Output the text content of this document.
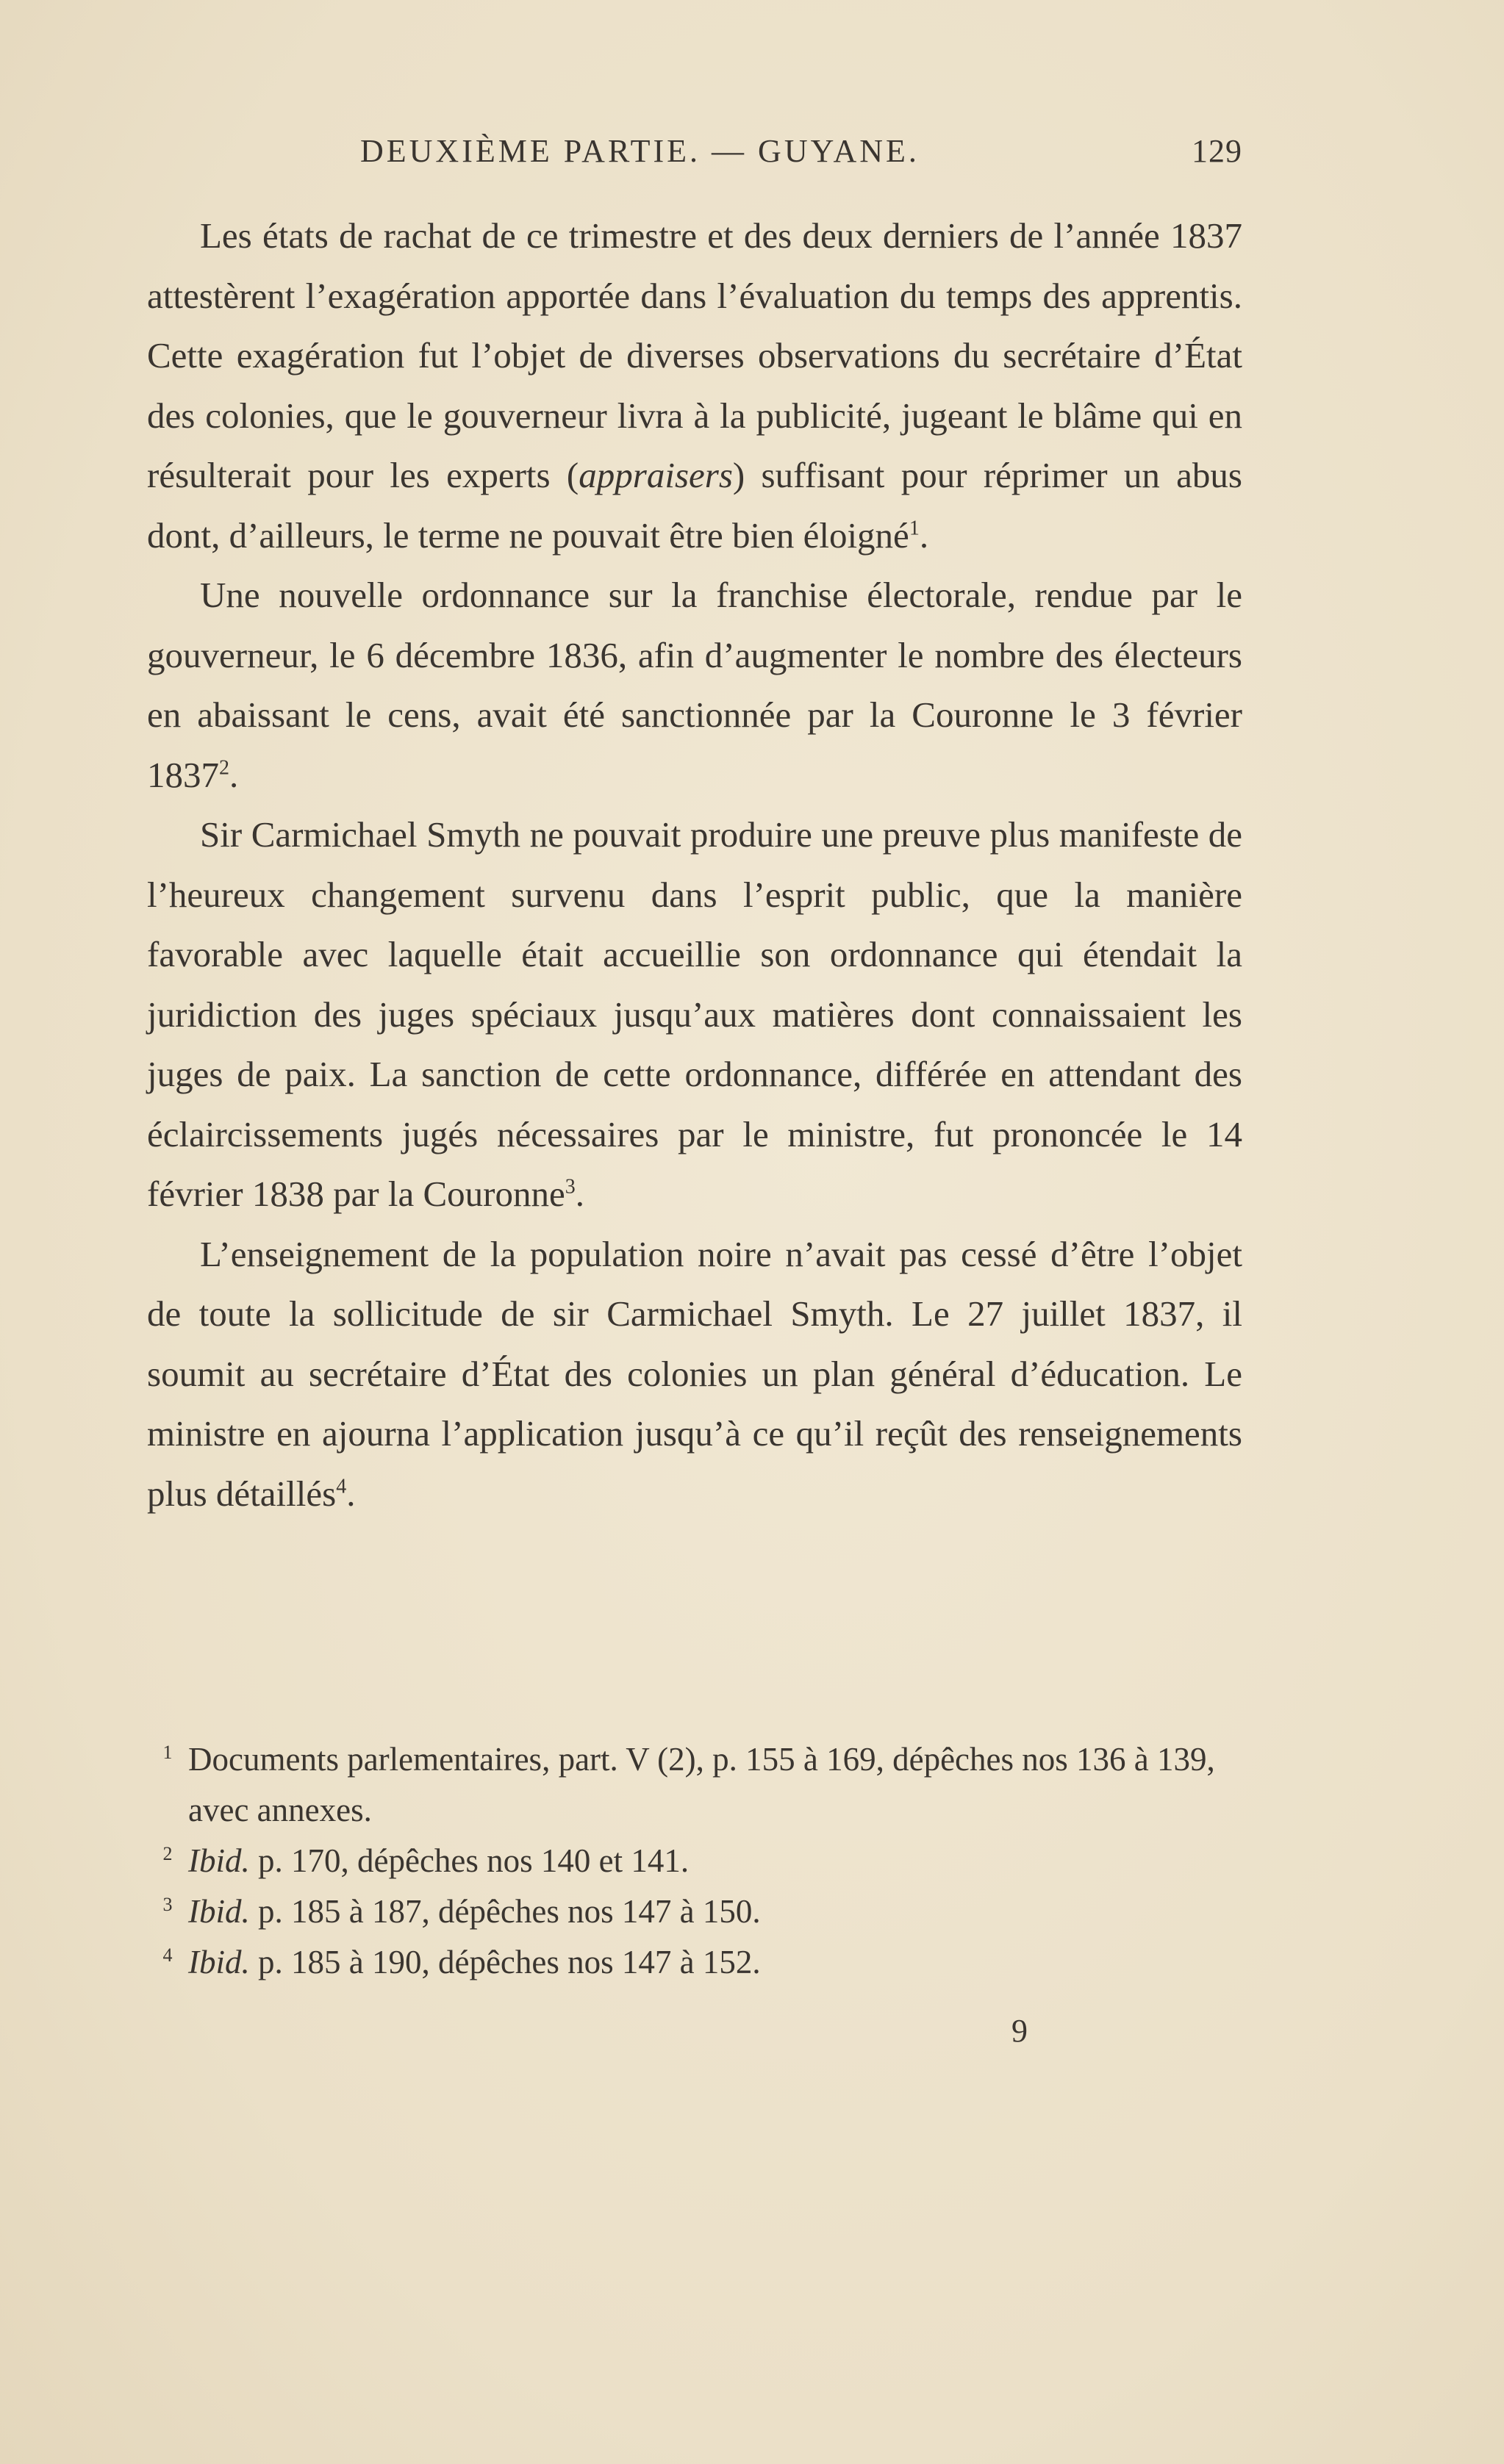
DEUXIÈME PARTIE. — GUYANE.	129

Les états de rachat de ce trimestre et des deux derniers de l’année 1837 attestèrent l’exagération apportée dans l’évaluation du temps des apprentis. Cette exagération fut l’objet de diverses observations du secrétaire d’État des colonies, que le gouverneur livra à la publicité, jugeant le blâme qui en résulterait pour les experts (appraisers) suffisant pour réprimer un abus dont, d’ailleurs, le terme ne pouvait être bien éloigné$^1$.

Une nouvelle ordonnance sur la franchise électorale, rendue par le gouverneur, le 6 décembre 1836, afin d’augmenter le nombre des électeurs en abaissant le cens, avait été sanctionnée par la Couronne le 3 février 1837$^2$.

Sir Carmichael Smyth ne pouvait produire une preuve plus manifeste de l’heureux changement survenu dans l’esprit public, que la manière favorable avec laquelle était accueillie son ordonnance qui étendait la juridiction des juges spéciaux jusqu’aux matières dont connaissaient les juges de paix. La sanction de cette ordonnance, différée en attendant des éclaircissements jugés nécessaires par le ministre, fut prononcée le 14 février 1838 par la Couronne$^3$.

L’enseignement de la population noire n’avait pas cessé d’être l’objet de toute la sollicitude de sir Carmichael Smyth. Le 27 juillet 1837, il soumit au secrétaire d’État des colonies un plan général d’éducation. Le ministre en ajourna l’application jusqu’à ce qu’il reçût des renseignements plus détaillés$^4$.

1 Documents parlementaires, part. V (2), p. 155 à 169, dépêches nos 136 à 139, avec annexes.

2 Ibid. p. 170, dépêches nos 140 et 141.

3 Ibid. p. 185 à 187, dépêches nos 147 à 150.

4 Ibid. p. 185 à 190, dépêches nos 147 à 152.

9
